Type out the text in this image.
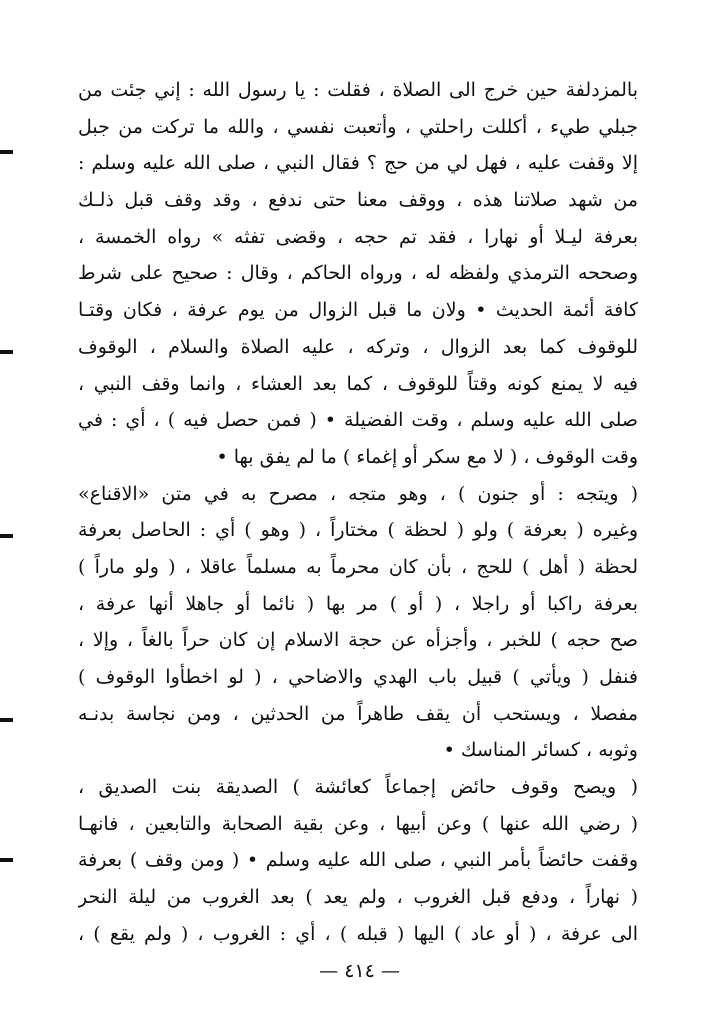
بالمزدلفة حين خرج الى الصلاة ، فقلت : يا رسول الله : إني جئت من
جبلي طيء ، أكللت راحلتي ، وأتعبت نفسي ، والله ما تركت من جبل
إلا وقفت عليه ، فهل لي من حج ؟ فقال النبي ، صلى الله عليه وسلم :
من شهد صلاتنا هذه ، ووقف معنا حتى ندفع ، وقد وقف قبل ذلـك
بعرفة ليـلا أو نهارا ، فقد تم حجه ، وقضى تفثه » رواه الخمسة ،
وصححه الترمذي ولفظه له ، ورواه الحاكم ، وقال : صحيح على شرط
كافة أئمة الحديث • ولان ما قبل الزوال من يوم عرفة ، فكان وقتـا
للوقوف كما بعد الزوال ، وتركه ، عليه الصلاة والسلام ، الوقوف
فيه لا يمنع كونه وقتاً للوقوف ، كما بعد العشاء ، وانما وقف النبي ،
صلى الله عليه وسلم ، وقت الفضيلة • ( فمن حصل فيه ) ، أي : في
وقت الوقوف ، ( لا مع سكر أو إغماء ) ما لم يفق بها •
( ويتجه : أو جنون ) ، وهو متجه ، مصرح به في متن «الاقناع»
وغيره ( بعرفة ) ولو ( لحظة ) مختاراً ، ( وهو ) أي : الحاصل بعرفة
لحظة ( أهل ) للحج ، بأن كان محرماً به مسلماً عاقلا ، ( ولو ماراً )
بعرفة راكبا أو راجلا ، ( أو ) مر بها ( نائما أو جاهلا أنها عرفة ،
صح حجه ) للخبر ، وأجزأه عن حجة الاسلام إن كان حراً بالغاً ، وإلا ،
فنفل ( ويأتي ) قبيل باب الهدي والاضاحي ، ( لو اخطأوا الوقوف )
مفصلا ، ويستحب أن يقف طاهراً من الحدثين ، ومن نجاسة بدنـه
وثوبه ، كسائر المناسك •
( ويصح وقوف حائض إجماعاً كعائشة ) الصديقة بنت الصديق ،
( رضي الله عنها ) وعن أبيها ، وعن بقية الصحابة والتابعين ، فانهـا
وقفت حائضاً بأمر النبي ، صلى الله عليه وسلم • ( ومن وقف ) بعرفة
( نهاراً ، ودفع قبل الغروب ، ولم يعد ) بعد الغروب من ليلة النحر
الى عرفة ، ( أو عاد ) اليها ( قبله ) ، أي : الغروب ، ( ولم يقع ) ،
— ٤١٤ —
